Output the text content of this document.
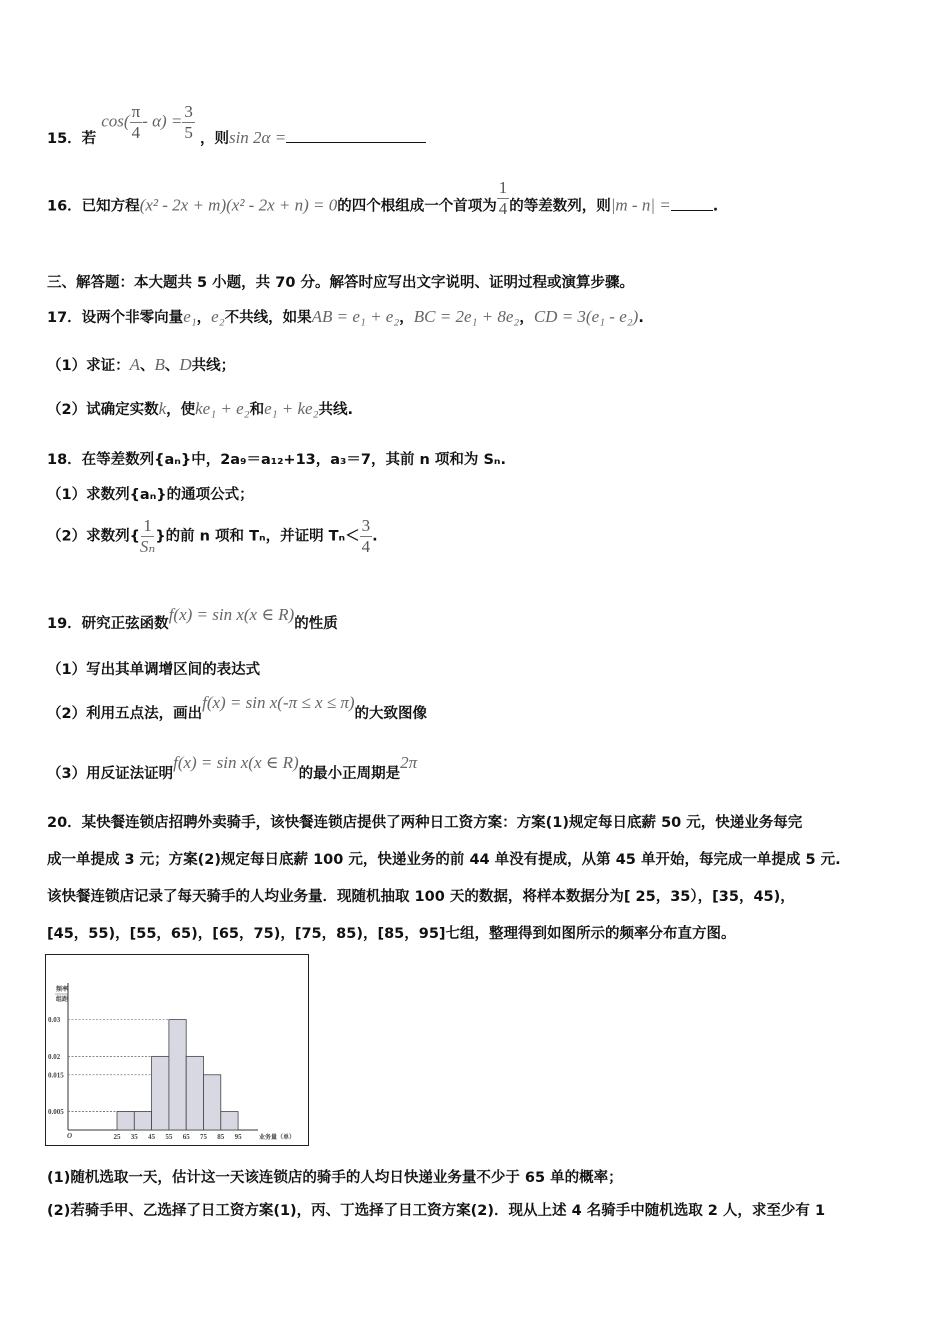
15．若 $\cos( \frac{\pi}{4} - \alpha) = \frac{3}{5}$ ，则sin 2α =
16．已知方程(x² - 2x + m)(x² - 2x + n) = 0的四个根组成一个首项为 $\frac{1}{4}$ 的等差数列，则|m - n| =	.
三、解答题：本大题共 5 小题，共 70 分。解答时应写出文字说明、证明过程或演算步骤。
17．设两个非零向量e₁，e₂不共线，如果AB = e₁ + e₂，BC = 2e₁ + 8e₂，CD = 3(e₁ - e₂).
（1）求证：A、B、D共线；
（2）试确定实数k，使ke₁ + e₂和e₁ + ke₂共线.
18．在等差数列{aₙ}中，2a₉＝a₁₂+13，a₃＝7，其前 n 项和为 Sₙ.
（1）求数列{aₙ}的通项公式；
（2）求数列{ $\frac{1}{\text{Sₙ}}$ }的前 n 项和 Tₙ，并证明 $T_n< \frac{3}{4}$ .
19．研究正弦函数f(x) = sin x(x ∈ R)的性质
（1）写出其单调增区间的表达式
（2）利用五点法，画出f(x) = sin x(-π ≤ x ≤ π)的大致图像
（3）用反证法证明f(x) = sin x(x ∈ R)的最小正周期是2π
20．某快餐连锁店招聘外卖骑手，该快餐连锁店提供了两种日工资方案：方案(1)规定每日底薪 50 元，快递业务每完
成一单提成 3 元；方案(2)规定每日底薪 100 元，快递业务的前 44 单没有提成，从第 45 单开始，每完成一单提成 5 元.
该快餐连锁店记录了每天骑手的人均业务量．现随机抽取 100 天的数据，将样本数据分为[ 25，35），[35，45)，
[45，55)，[55，65)，[65，75)，[75，85)，[85，95]七组，整理得到如图所示的频率分布直方图。
频率
组距
O
0.005
0.015
0.02
0.03
25 35 45 55 65 75 85 95	业务量（单）
(1)随机选取一天，估计这一天该连锁店的骑手的人均日快递业务量不少于 65 单的概率；
(2)若骑手甲、乙选择了日工资方案(1)，丙、丁选择了日工资方案(2)．现从上述 4 名骑手中随机选取 2 人，求至少有 1
